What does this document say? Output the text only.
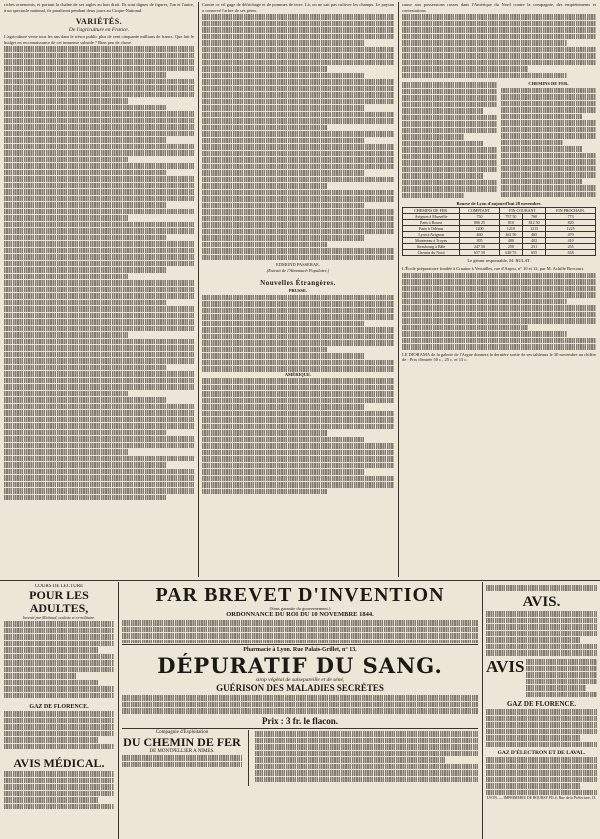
riches ornements, et portant la chaîne de ses aigles au bon droit. Ils sont dignes de figurer, l'un et l'autre, à un spectacle national, ils paraîtront pendant deux jours au Cirque-National.
VARIÉTÉS.
De l'agriculture en France.
L'agriculture verse tous les ans dans le trésor public plus de cent cinquante millions de francs. Que fait le budget en reconnaissance de cet immense subside ? Bien peu de chose.
Contre ce vil gage de défrichage et de pommes de terre. Là, on ne sait pas cultiver les champs. Le paysan a conservé l'arbre de ses pères.
EDMOND PASSERAE.
(Extrait de l'Almanach Populaire.)
Nouvelles Étrangères.
PRUSSE.
AMÉRIQUE.
cause aux possessions russes dans l'Amérique du Nord contre la compagnie, des empiètements et contestations.
CHEMINS DE FER.
Bourse de Lyon d'aujourd'hui 28 novembre.
CHEMINS DE FER.	COMPTANT.	FIN COURANT		FIN PROCHAIN.
Avignon à Marseille	750	757 50	760	773
Paris à Rouen	806 25	810	812 50	820
Paris à Orléans	1200	1210	1215	1225
Lyon à Avignon	460	462 50	465	470
Montereau à Troyes	395	400	402	410
Strasbourg à Bâle	247 50	250	251	255
Chemin du Nord	657 50	628 75	655	658
Le gérant responsable, M. RULAT.
L'École préparatoire fondée à Cruaine à Versailles, rue d'Anjou, n° 10 et 12, par M. Achille Brocourt.
LE DIORAMA de la galerie de l'Argue donnera la dernière sortie de ses tableaux le 30 novembre au chiffre de : Prix d'entrée 50 c., 25 c. et 15 c.
COURS DE LECTURE
POUR LES ADULTES,
Inventé par Michaud, oculiste et ex-militaire.
GAZ DE FLORENCE.
AVIS MÉDICAL.
PAR BREVET D'INVENTION
(Sans garantie du gouvernement.)
ORDONNANCE DU ROI DU 10 NOVEMBRE 1844.
Pharmacie à Lyon. Rue Palais-Grillet, n° 13.
DÉPURATIF DU SANG.
sirop végétal de salsepareille et de séné,
GUÉRISON DES MALADIES SECRÈTES
Prix : 3 fr. le flacon.
Compagnie d'Exploitation
DU CHEMIN DE FER
DE MONTPELLIER A NIMES.
AVIS.
AVIS
GAZ DE FLORENCE.
GAZ D'ÉLECTRON ET DE LAVAL.
LYON. — IMPRIMERIE DE BOURSY FILS, Rue de la Préfecture, 13.
